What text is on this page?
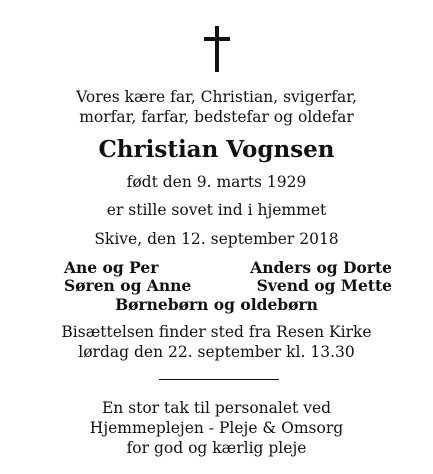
Vores kære far, Christian, svigerfar,
morfar, farfar, bedstefar og oldefar
Christian Vognsen
født den 9. marts 1929
er stille sovet ind i hjemmet
Skive, den 12. september 2018
Ane og Per	Anders og Dorte
Søren og Anne	Svend og Mette
Børnebørn og oldebørn
Bisættelsen finder sted fra Resen Kirke
lørdag den 22. september kl. 13.30
En stor tak til personalet ved
Hjemmeplejen - Pleje & Omsorg
for god og kærlig pleje
